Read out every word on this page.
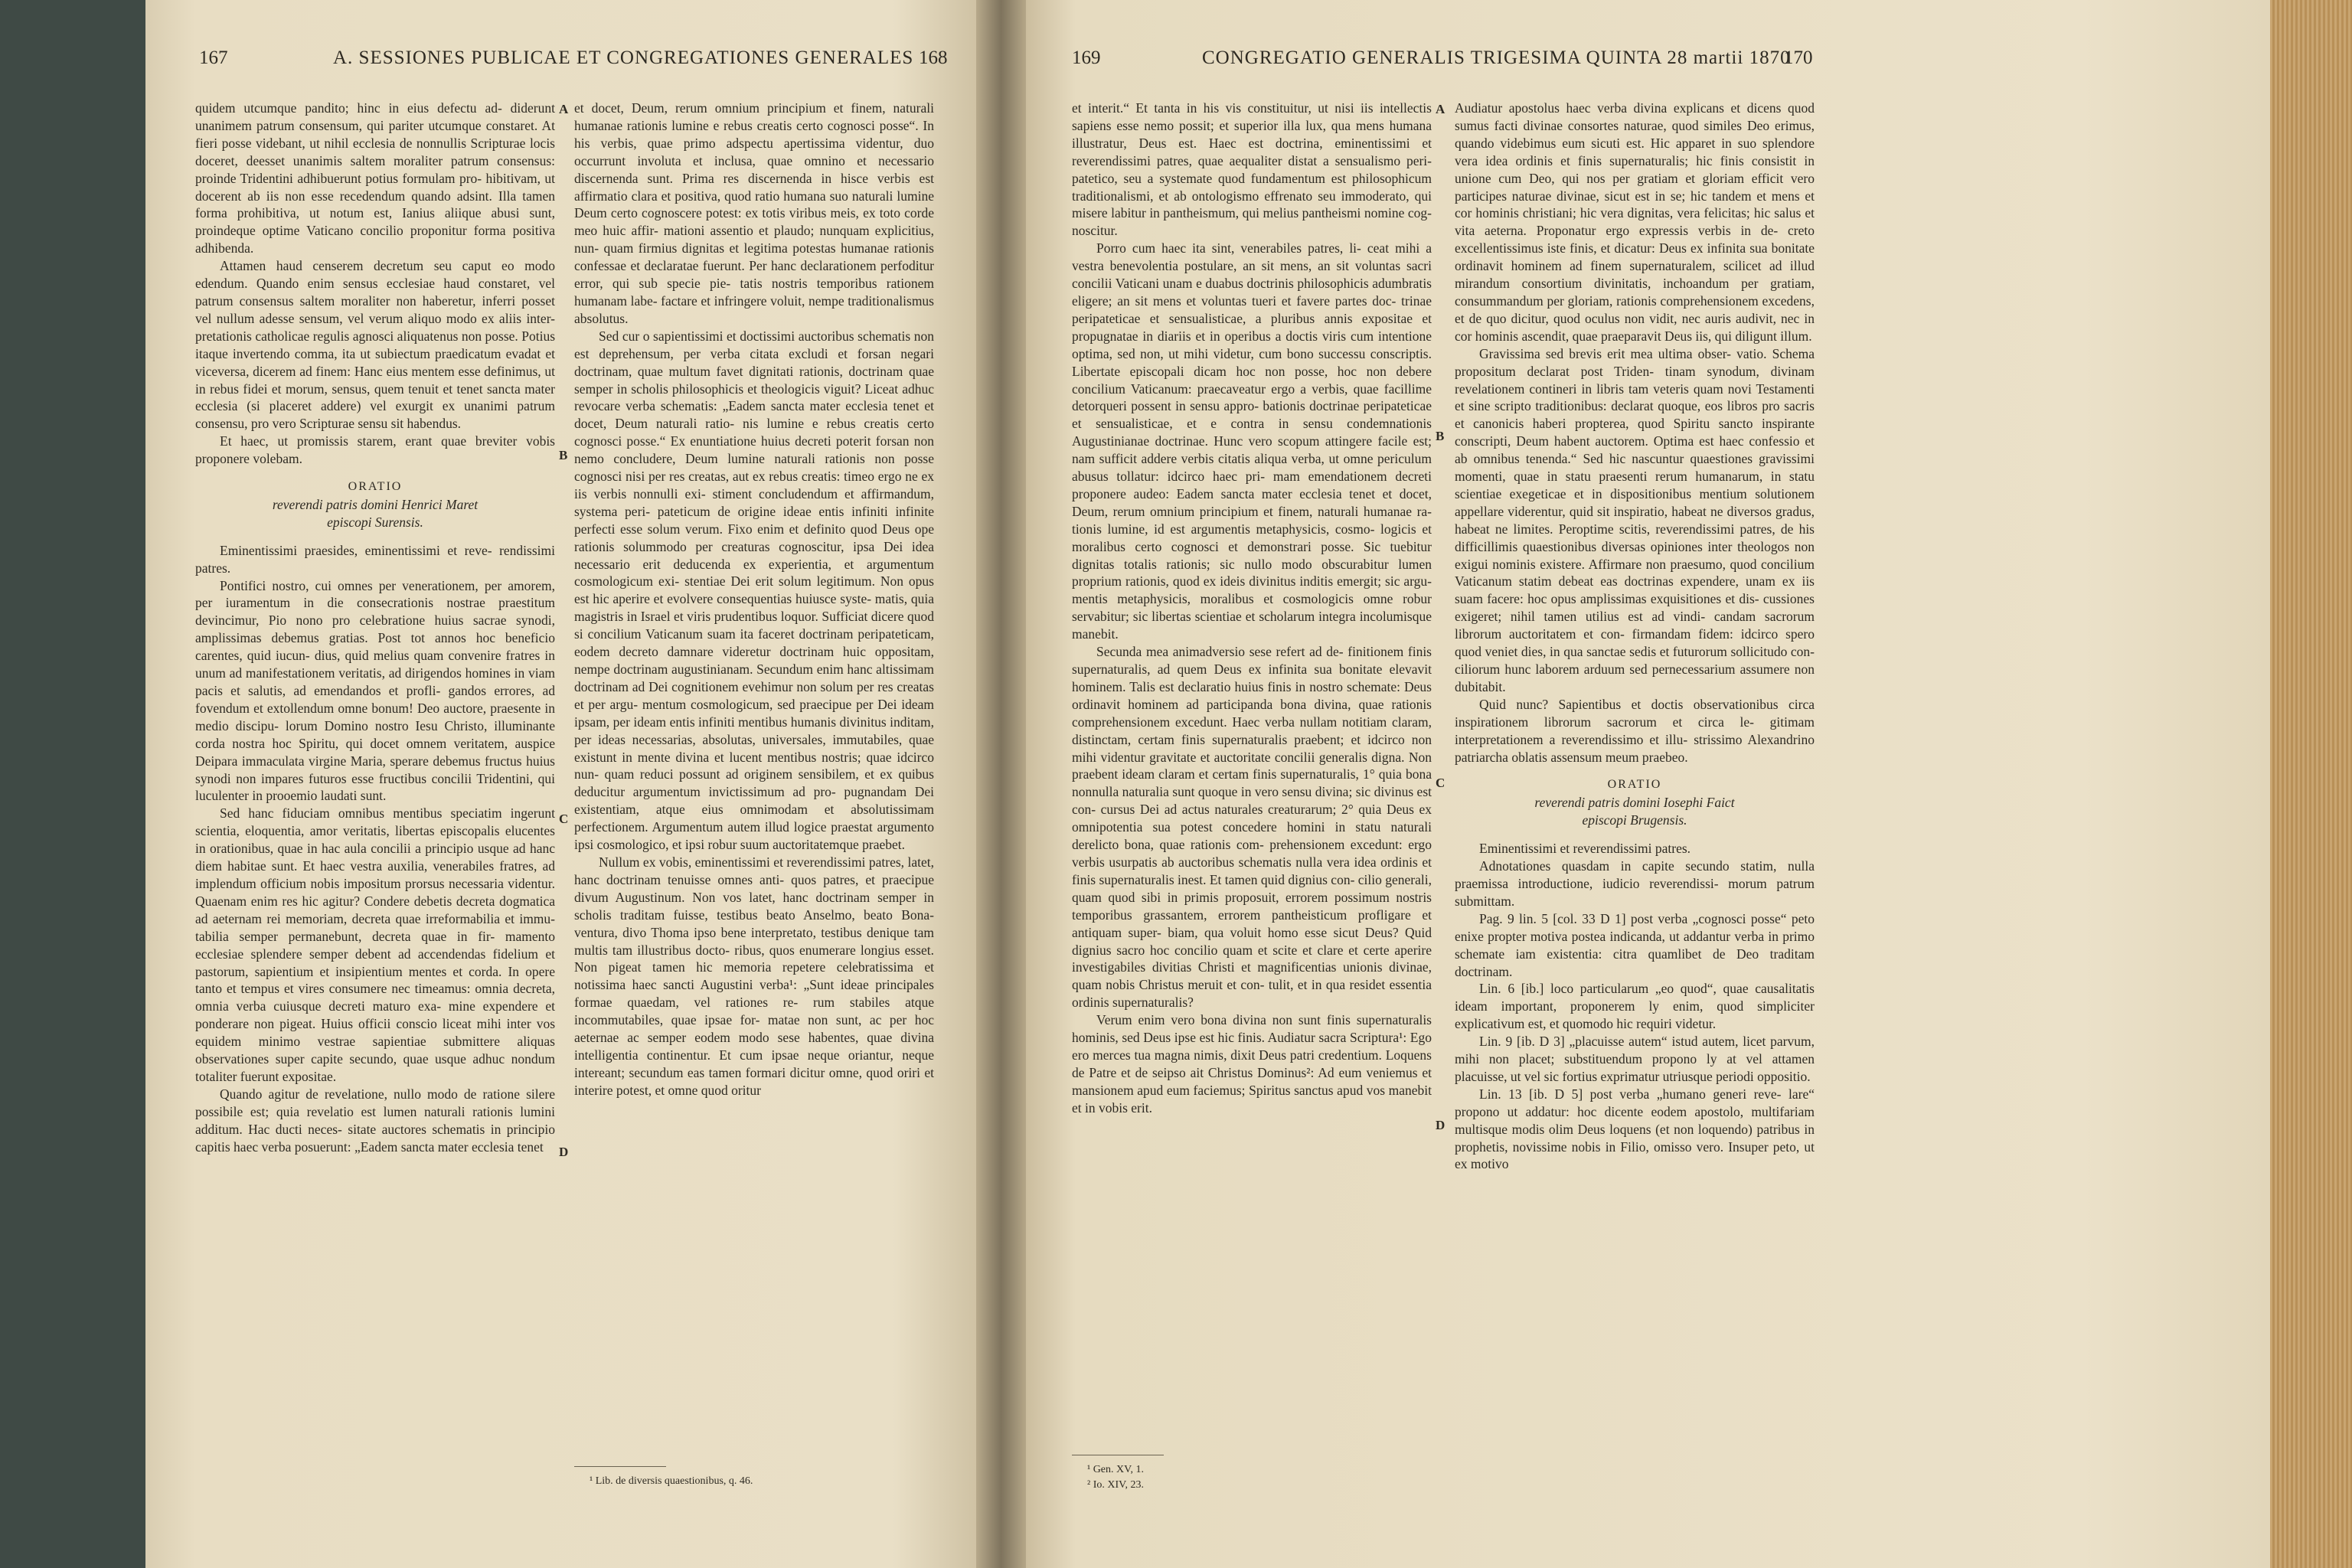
167	A. SESSIONES PUBLICAE ET CONGREGATIONES GENERALES 168

quidem utcumque pandito; hinc in eius defectu ad- diderunt unanimem patrum consensum, qui pariter utcumque constaret. At fieri posse videbant, ut nihil ecclesia de nonnullis Scripturae locis doceret, deesset unanimis saltem moraliter patrum consensus: proinde Tridentini adhibuerunt potius formulam pro- hibitivam, ut docerent ab iis non esse recedendum quando adsint. Illa tamen forma prohibitiva, ut notum est, Ianius aliique abusi sunt, proindeque optime Vaticano concilio proponitur forma positiva adhibenda.

Attamen haud censerem decretum seu caput eo modo edendum. Quando enim sensus ecclesiae haud constaret, vel patrum consensus saltem moraliter non haberetur, inferri posset vel nullum adesse sensum, vel verum aliquo modo ex aliis inter- pretationis catholicae regulis agnosci aliquatenus non posse. Potius itaque invertendo comma, ita ut subiectum praedicatum evadat et viceversa, dicerem ad finem: Hanc eius mentem esse definimus, ut in rebus fidei et morum, sensus, quem tenuit et tenet sancta mater ecclesia (si placeret addere) vel exurgit ex unanimi patrum consensu, pro vero Scripturae sensu sit habendus.

Et haec, ut promissis starem, erant quae breviter vobis proponere volebam.

ORATIO
reverendi patris domini Henrici Maret
episcopi Surensis.

Eminentissimi praesides, eminentissimi et reve- rendissimi patres.

Pontifici nostro, cui omnes per venerationem, per amorem, per iuramentum in die consecrationis nostrae praestitum devincimur, Pio nono pro celebratione huius sacrae synodi, amplissimas debemus gratias. Post tot annos hoc beneficio carentes, quid iucun- dius, quid melius quam convenire fratres in unum ad manifestationem veritatis, ad dirigendos homines in viam pacis et salutis, ad emendandos et profli- gandos errores, ad fovendum et extollendum omne bonum! Deo auctore, praesente in medio discipu- lorum Domino nostro Iesu Christo, illuminante corda nostra hoc Spiritu, qui docet omnem veritatem, auspice Deipara immaculata virgine Maria, sperare debemus fructus huius synodi non impares futuros esse fructibus concilii Tridentini, qui luculenter in prooemio laudati sunt.

Sed hanc fiduciam omnibus mentibus speciatim ingerunt scientia, eloquentia, amor veritatis, libertas episcopalis elucentes in orationibus, quae in hac aula concilii a principio usque ad hanc diem habitae sunt. Et haec vestra auxilia, venerabiles fratres, ad implendum officium nobis impositum prorsus necessaria videntur. Quaenam enim res hic agitur? Condere debetis decreta dogmatica ad aeternam rei memoriam, decreta quae irreformabilia et immu- tabilia semper permanebunt, decreta quae in fir- mamento ecclesiae splendere semper debent ad accendendas fidelium et pastorum, sapientium et insipientium mentes et corda. In opere tanto et tempus et vires consumere nec timeamus: omnia decreta, omnia verba cuiusque decreti maturo exa- mine expendere et ponderare non pigeat. Huius officii conscio liceat mihi inter vos equidem minimo vestrae sapientiae submittere aliquas observationes super capite secundo, quae usque adhuc nondum totaliter fuerunt expositae.

Quando agitur de revelatione, nullo modo de ratione silere possibile est; quia revelatio est lumen naturali rationis lumini additum. Hac ducti neces- sitate auctores schematis in principio capitis haec verba posuerunt: „Eadem sancta mater ecclesia tenet

A
B
C
D

et docet, Deum, rerum omnium principium et finem, naturali humanae rationis lumine e rebus creatis certo cognosci posse“. In his verbis, quae primo adspectu apertissima videntur, duo occurrunt involuta et inclusa, quae omnino et necessario discernenda sunt. Prima res discernenda in hisce verbis est affirmatio clara et positiva, quod ratio humana suo naturali lumine Deum certo cognoscere potest: ex totis viribus meis, ex toto corde meo huic affir- mationi assentio et plaudo; nunquam explicitius, nun- quam firmius dignitas et legitima potestas humanae rationis confessae et declaratae fuerunt. Per hanc declarationem perfoditur error, qui sub specie pie- tatis nostris temporibus rationem humanam labe- factare et infringere voluit, nempe traditionalismus absolutus.

Sed cur o sapientissimi et doctissimi auctoribus schematis non est deprehensum, per verba citata excludi et forsan negari doctrinam, quae multum favet dignitati rationis, doctrinam quae semper in scholis philosophicis et theologicis viguit? Liceat adhuc revocare verba schematis: „Eadem sancta mater ecclesia tenet et docet, Deum naturali ratio- nis lumine e rebus creatis certo cognosci posse.“ Ex enuntiatione huius decreti poterit forsan non nemo concludere, Deum lumine naturali rationis non posse cognosci nisi per res creatas, aut ex rebus creatis: timeo ergo ne ex iis verbis nonnulli exi- stiment concludendum et affirmandum, systema peri- pateticum de origine ideae entis infiniti infinite perfecti esse solum verum. Fixo enim et definito quod Deus ope rationis solummodo per creaturas cognoscitur, ipsa Dei idea necessario erit deducenda ex experientia, et argumentum cosmologicum exi- stentiae Dei erit solum legitimum. Non opus est hic aperire et evolvere consequentias huiusce syste- matis, quia magistris in Israel et viris prudentibus loquor. Sufficiat dicere quod si concilium Vaticanum suam ita faceret doctrinam peripateticam, eodem decreto damnare videretur doctrinam huic oppositam, nempe doctrinam augustinianam. Secundum enim hanc altissimam doctrinam ad Dei cognitionem evehimur non solum per res creatas et per argu- mentum cosmologicum, sed praecipue per Dei ideam ipsam, per ideam entis infiniti mentibus humanis divinitus inditam, per ideas necessarias, absolutas, universales, immutabiles, quae existunt in mente divina et lucent mentibus nostris; quae idcirco nun- quam reduci possunt ad originem sensibilem, et ex quibus deducitur argumentum invictissimum ad pro- pugnandam Dei existentiam, atque eius omnimodam et absolutissimam perfectionem. Argumentum autem illud logice praestat argumento ipsi cosmologico, et ipsi robur suum auctoritatemque praebet.

Nullum ex vobis, eminentissimi et reverendissimi patres, latet, hanc doctrinam tenuisse omnes anti- quos patres, et praecipue divum Augustinum. Non vos latet, hanc doctrinam semper in scholis traditam fuisse, testibus beato Anselmo, beato Bona- ventura, divo Thoma ipso bene interpretato, testibus denique tam multis tam illustribus docto- ribus, quos enumerare longius esset. Non pigeat tamen hic memoria repetere celebratissima et notissima haec sancti Augustini verba¹: „Sunt ideae principales formae quaedam, vel rationes re- rum stabiles atque incommutabiles, quae ipsae for- matae non sunt, ac per hoc aeternae ac semper eodem modo sese habentes, quae divina intelligentia continentur. Et cum ipsae neque oriantur, neque intereant; secundum eas tamen formari dicitur omne, quod oriri et interire potest, et omne quod oritur

¹ Lib. de diversis quaestionibus, q. 46.
169	CONGREGATIO GENERALIS TRIGESIMA QUINTA 28 martii 1870
170

et interit.“ Et tanta in his vis constituitur, ut nisi iis intellectis sapiens esse nemo possit; et superior illa lux, qua mens humana illustratur, Deus est. Haec est doctrina, eminentissimi et reverendissimi patres, quae aequaliter distat a sensualismo peri- patetico, seu a systemate quod fundamentum est philosophicum traditionalismi, et ab ontologismo effrenato seu immoderato, qui misere labitur in pantheismum, qui melius pantheismi nomine cog- noscitur.

Porro cum haec ita sint, venerabiles patres, li- ceat mihi a vestra benevolentia postulare, an sit mens, an sit voluntas sacri concilii Vaticani unam e duabus doctrinis philosophicis adumbratis eligere; an sit mens et voluntas tueri et favere partes doc- trinae peripateticae et sensualisticae, a pluribus annis expositae et propugnatae in diariis et in operibus a doctis viris cum intentione optima, sed non, ut mihi videtur, cum bono successu conscriptis. Libertate episcopali dicam hoc non posse, hoc non debere concilium Vaticanum: praecaveatur ergo a verbis, quae facillime detorqueri possent in sensu appro- bationis doctrinae peripateticae et sensualisticae, et e contra in sensu condemnationis Augustinianae doctrinae. Hunc vero scopum attingere facile est; nam sufficit addere verbis citatis aliqua verba, ut omne periculum abusus tollatur: idcirco haec pri- mam emendationem decreti proponere audeo: Eadem sancta mater ecclesia tenet et docet, Deum, rerum omnium principium et finem, naturali humanae ra- tionis lumine, id est argumentis metaphysicis, cosmo- logicis et moralibus certo cognosci et demonstrari posse. Sic tuebitur dignitas totalis rationis; sic nullo modo obscurabitur lumen proprium rationis, quod ex ideis divinitus inditis emergit; sic argu- mentis metaphysicis, moralibus et cosmologicis omne robur servabitur; sic libertas scientiae et scholarum integra incolumisque manebit.

Secunda mea animadversio sese refert ad de- finitionem finis supernaturalis, ad quem Deus ex infinita sua bonitate elevavit hominem. Talis est declaratio huius finis in nostro schemate: Deus ordinavit hominem ad participanda bona divina, quae rationis comprehensionem excedunt. Haec verba nullam notitiam claram, distinctam, certam finis supernaturalis praebent; et idcirco non mihi videntur gravitate et auctoritate concilii generalis digna. Non praebent ideam claram et certam finis supernaturalis, 1° quia bona nonnulla naturalia sunt quoque in vero sensu divina; sic divinus est con- cursus Dei ad actus naturales creaturarum; 2° quia Deus ex omnipotentia sua potest concedere homini in statu naturali derelicto bona, quae rationis com- prehensionem excedunt: ergo verbis usurpatis ab auctoribus schematis nulla vera idea ordinis et finis supernaturalis inest. Et tamen quid dignius con- cilio generali, quam quod sibi in primis proposuit, errorem possimum nostris temporibus grassantem, errorem pantheisticum profligare et antiquam super- biam, qua voluit homo esse sicut Deus? Quid dignius sacro hoc concilio quam et scite et clare et certe aperire investigabiles divitias Christi et magnificentias unionis divinae, quam nobis Christus meruit et con- tulit, et in qua residet essentia ordinis supernaturalis?

Verum enim vero bona divina non sunt finis supernaturalis hominis, sed Deus ipse est hic finis. Audiatur sacra Scriptura¹: Ego ero merces tua magna nimis, dixit Deus patri credentium. Loquens de Patre et de seipso ait Christus Dominus²: Ad eum veniemus et mansionem apud eum faciemus; Spiritus sanctus apud vos manebit et in vobis erit.

A
B
C
D

Audiatur apostolus haec verba divina explicans et dicens quod sumus facti divinae consortes naturae, quod similes Deo erimus, quando videbimus eum sicuti est. Hic apparet in suo splendore vera idea ordinis et finis supernaturalis; hic finis consistit in unione cum Deo, qui nos per gratiam et gloriam efficit vero participes naturae divinae, sicut est in se; hic tandem et mens et cor hominis christiani; hic vera dignitas, vera felicitas; hic salus et vita aeterna. Proponatur ergo expressis verbis in de- creto excellentissimus iste finis, et dicatur: Deus ex infinita sua bonitate ordinavit hominem ad finem supernaturalem, scilicet ad illud mirandum consortium divinitatis, inchoandum per gratiam, consummandum per gloriam, rationis comprehensionem excedens, et de quo dicitur, quod oculus non vidit, nec auris audivit, nec in cor hominis ascendit, quae praeparavit Deus iis, qui diligunt illum.

Gravissima sed brevis erit mea ultima obser- vatio. Schema propositum declarat post Triden- tinam synodum, divinam revelationem contineri in libris tam veteris quam novi Testamenti et sine scripto traditionibus: declarat quoque, eos libros pro sacris et canonicis haberi propterea, quod Spiritu sancto inspirante conscripti, Deum habent auctorem. Optima est haec confessio et ab omnibus tenenda.“ Sed hic nascuntur quaestiones gravissimi momenti, quae in statu praesenti rerum humanarum, in statu scientiae exegeticae et in dispositionibus mentium solutionem appellare viderentur, quid sit inspiratio, habeat ne diversos gradus, habeat ne limites. Peroptime scitis, reverendissimi patres, de his difficillimis quaestionibus diversas opiniones inter theologos non exigui nominis existere. Affirmare non praesumo, quod concilium Vaticanum statim debeat eas doctrinas expendere, unam ex iis suam facere: hoc opus amplissimas exquisitiones et dis- cussiones exigeret; nihil tamen utilius est ad vindi- candam sacrorum librorum auctoritatem et con- firmandam fidem: idcirco spero quod veniet dies, in qua sanctae sedis et futurorum sollicitudo con- ciliorum hunc laborem arduum sed pernecessarium assumere non dubitabit.

Quid nunc? Sapientibus et doctis observationibus circa inspirationem librorum sacrorum et circa le- gitimam interpretationem a reverendissimo et illu- strissimo Alexandrino patriarcha oblatis assensum meum praebeo.

ORATIO
reverendi patris domini Iosephi Faict
episcopi Brugensis.

Eminentissimi et reverendissimi patres.

Adnotationes quasdam in capite secundo statim, nulla praemissa introductione, iudicio reverendissi- morum patrum submittam.

Pag. 9 lin. 5 [col. 33 D 1] post verba „cognosci posse“ peto enixe propter motiva postea indicanda, ut addantur verba in primo schemate iam existentia: citra quamlibet de Deo traditam doctrinam.

Lin. 6 [ib.] loco particularum „eo quod“, quae causalitatis ideam important, proponerem ly enim, quod simpliciter explicativum est, et quomodo hic requiri videtur.

Lin. 9 [ib. D 3] „placuisse autem“ istud autem, licet parvum, mihi non placet; substituendum propono ly at vel attamen placuisse, ut vel sic fortius exprimatur utriusque periodi oppositio.

Lin. 13 [ib. D 5] post verba „humano generi reve- lare“ propono ut addatur: hoc dicente eodem apostolo, multifariam multisque modis olim Deus loquens (et non loquendo) patribus in prophetis, novissime nobis in Filio, omisso vero. Insuper peto, ut ex motivo

¹ Gen. XV, 1.
² Io. XIV, 23.
